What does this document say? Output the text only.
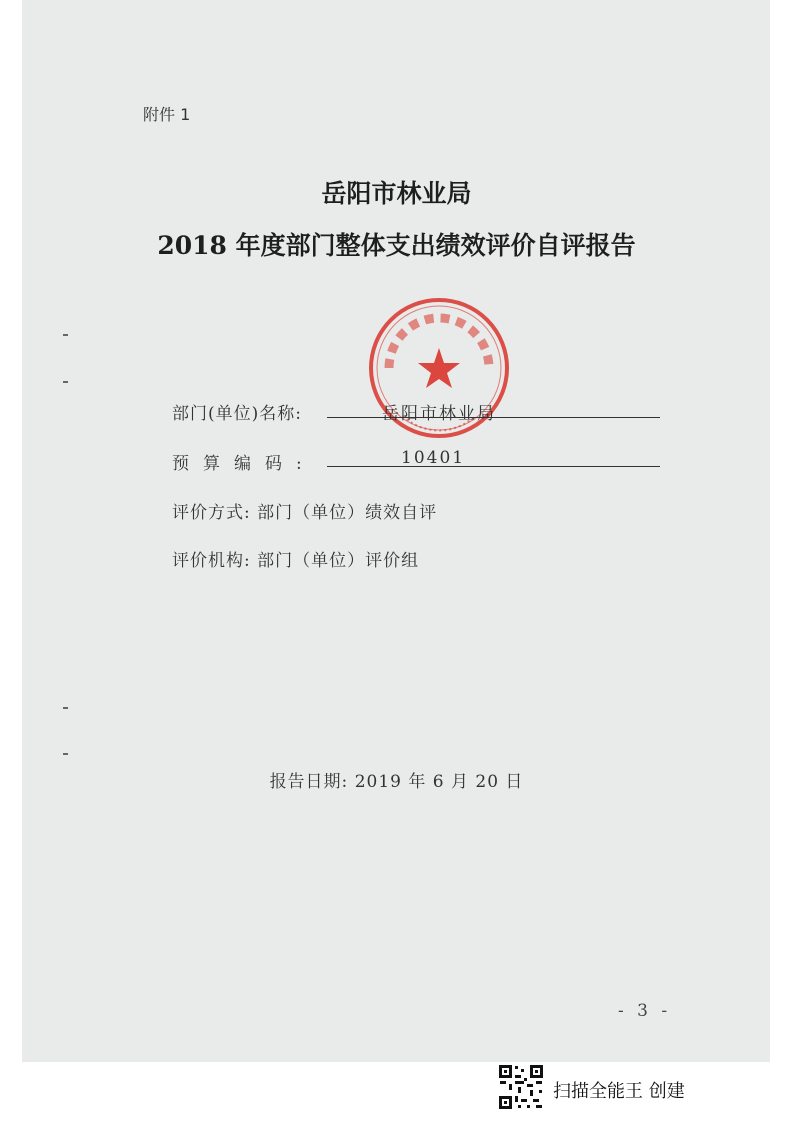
附件 1
岳阳市林业局
2018 年度部门整体支出绩效评价自评报告
部门(单位)名称:	岳阳市林业局
预算编码:	10401
评价方式: 部门（单位）绩效自评
评价机构: 部门（单位）评价组
报告日期: 2019 年 6 月 20 日
- 3 -
扫描全能王 创建
